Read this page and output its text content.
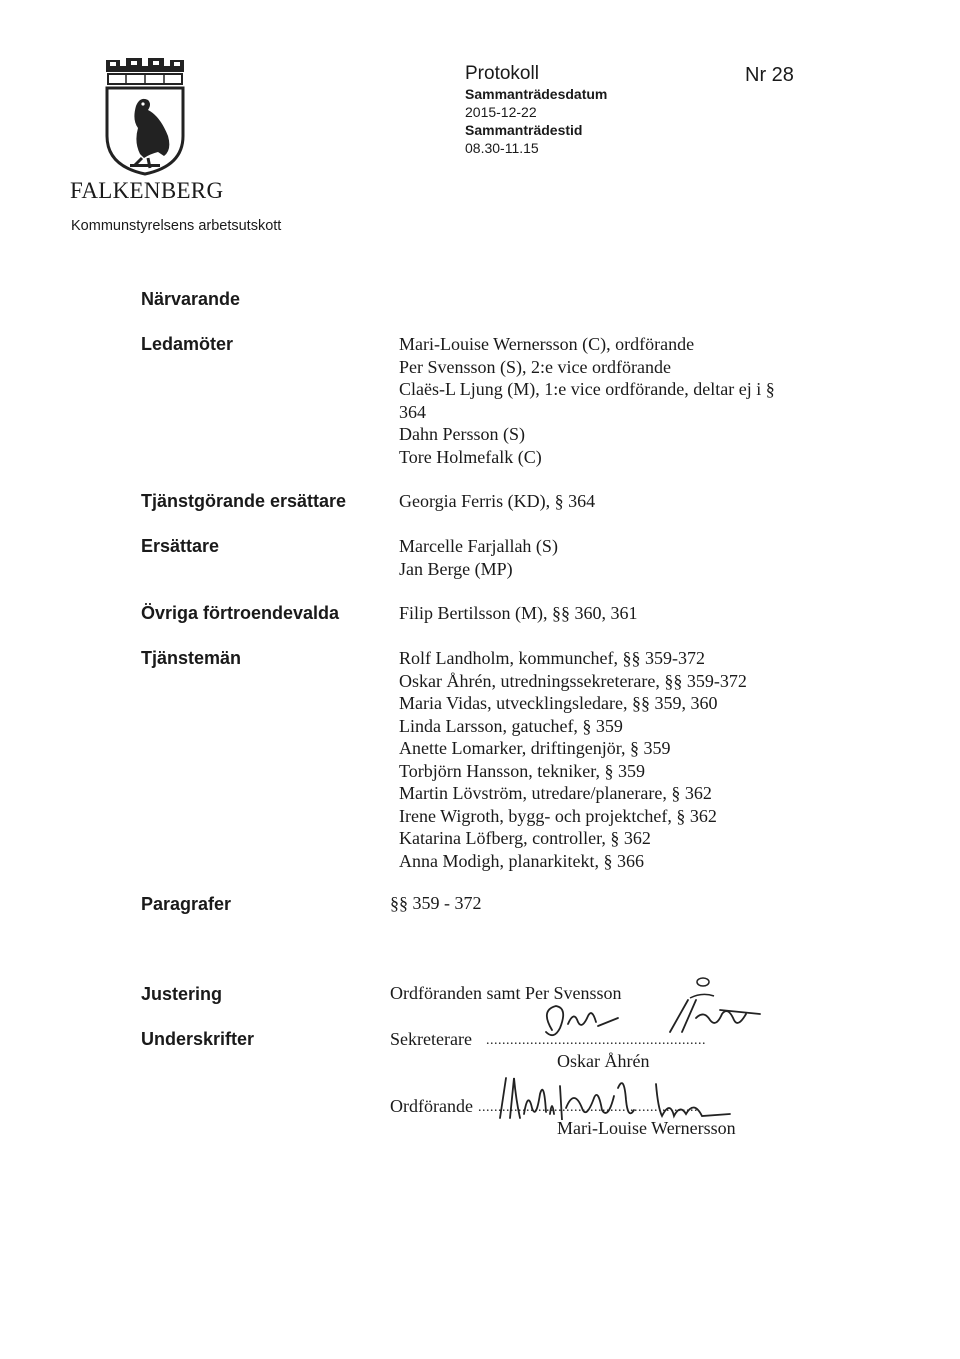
FALKENBERG
Kommunstyrelsens arbetsutskott
Protokoll
Sammanträdesdatum
2015-12-22
Sammanträdestid
08.30-11.15
Nr 28
Närvarande
Ledamöter	Mari-Louise Wernersson (C), ordförande
Per Svensson (S), 2:e vice ordförande
Claës-L Ljung (M), 1:e vice ordförande, deltar ej i §
364
Dahn Persson (S)
Tore Holmefalk (C)
Tjänstgörande ersättare	Georgia Ferris (KD), § 364
Ersättare	Marcelle Farjallah (S)
Jan Berge (MP)
Övriga förtroendevalda	Filip Bertilsson (M), §§ 360, 361
Tjänstemän	Rolf Landholm, kommunchef, §§ 359-372
Oskar Åhrén, utredningssekreterare, §§ 359-372
Maria Vidas, utvecklingsledare, §§ 359, 360
Linda Larsson, gatuchef, § 359
Anette Lomarker, driftingenjör, § 359
Torbjörn Hansson, tekniker, § 359
Martin Lövström, utredare/planerare, § 362
Irene Wigroth, bygg- och projektchef, § 362
Katarina Löfberg, controller, § 362
Anna Modigh, planarkitekt, § 366
Paragrafer	§§ 359 - 372
Justering	Ordföranden samt Per Svensson
Underskrifter	Sekreterare .......................................................
Oskar Åhrén
Ordförande .......................................................
Mari-Louise Wernersson
